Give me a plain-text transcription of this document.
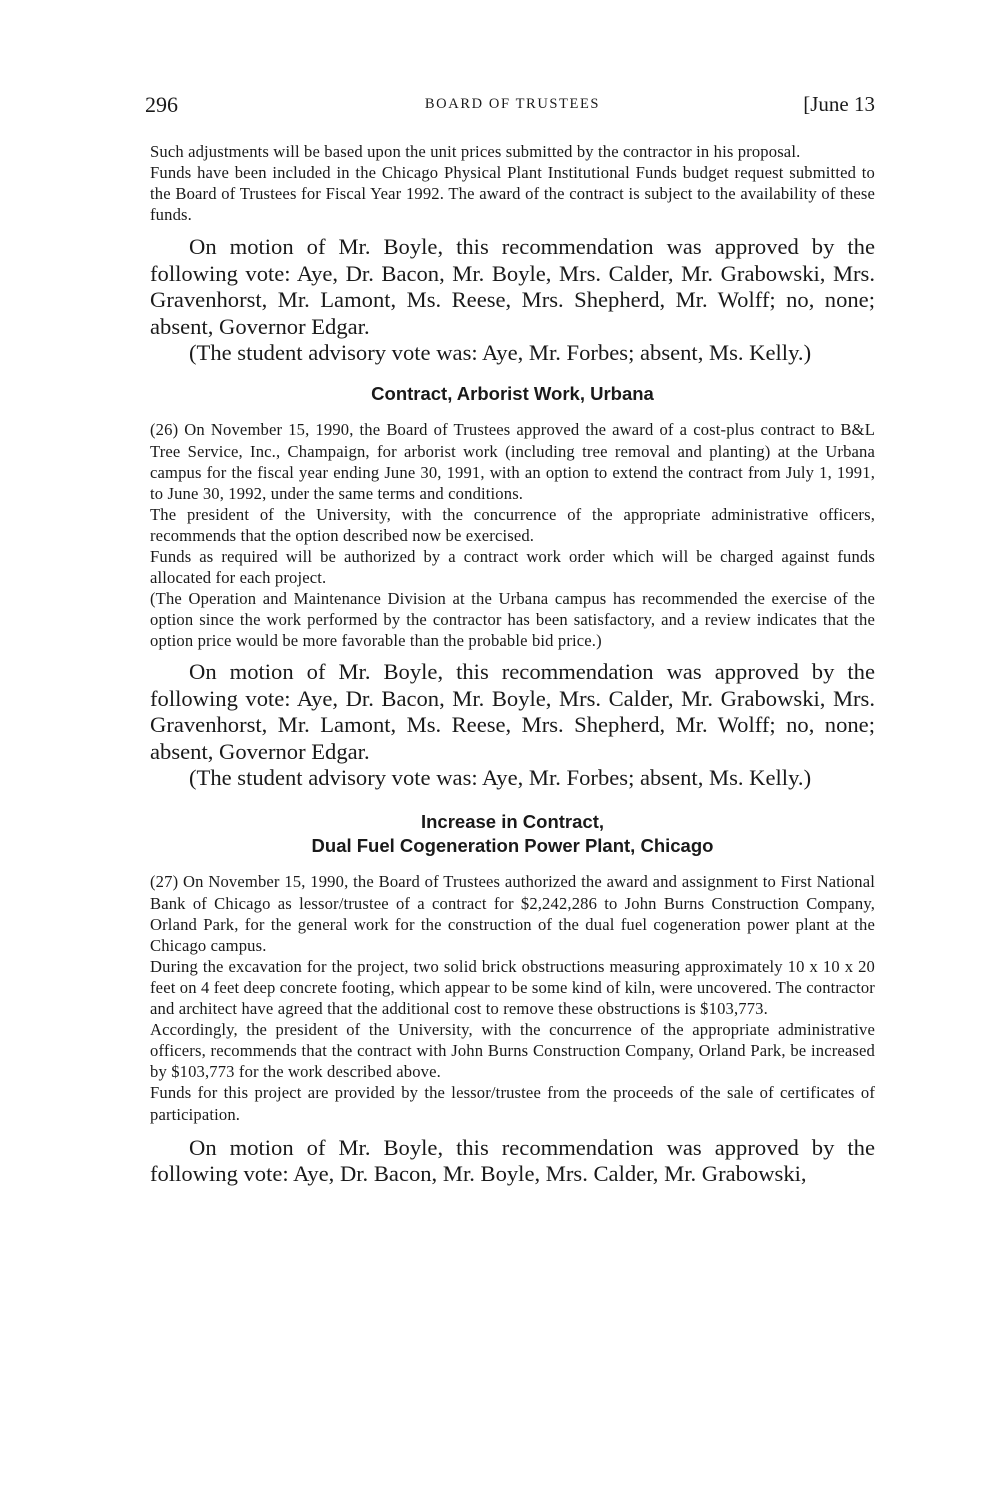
296	BOARD OF TRUSTEES	[June 13

Such adjustments will be based upon the unit prices submitted by the contractor in his proposal.

Funds have been included in the Chicago Physical Plant Institutional Funds budget request submitted to the Board of Trustees for Fiscal Year 1992. The award of the contract is subject to the availability of these funds.

On motion of Mr. Boyle, this recommendation was approved by the following vote: Aye, Dr. Bacon, Mr. Boyle, Mrs. Calder, Mr. Grabowski, Mrs. Gravenhorst, Mr. Lamont, Ms. Reese, Mrs. Shepherd, Mr. Wolff; no, none; absent, Governor Edgar.

(The student advisory vote was: Aye, Mr. Forbes; absent, Ms. Kelly.)

Contract, Arborist Work, Urbana

(26) On November 15, 1990, the Board of Trustees approved the award of a cost-plus contract to B&L Tree Service, Inc., Champaign, for arborist work (including tree removal and planting) at the Urbana campus for the fiscal year ending June 30, 1991, with an option to extend the contract from July 1, 1991, to June 30, 1992, under the same terms and conditions.

The president of the University, with the concurrence of the appropriate administrative officers, recommends that the option described now be exercised.

Funds as required will be authorized by a contract work order which will be charged against funds allocated for each project.

(The Operation and Maintenance Division at the Urbana campus has recommended the exercise of the option since the work performed by the contractor has been satisfactory, and a review indicates that the option price would be more favorable than the probable bid price.)

On motion of Mr. Boyle, this recommendation was approved by the following vote: Aye, Dr. Bacon, Mr. Boyle, Mrs. Calder, Mr. Grabowski, Mrs. Gravenhorst, Mr. Lamont, Ms. Reese, Mrs. Shepherd, Mr. Wolff; no, none; absent, Governor Edgar.

(The student advisory vote was: Aye, Mr. Forbes; absent, Ms. Kelly.)

Increase in Contract,
Dual Fuel Cogeneration Power Plant, Chicago

(27) On November 15, 1990, the Board of Trustees authorized the award and assignment to First National Bank of Chicago as lessor/trustee of a contract for $2,242,286 to John Burns Construction Company, Orland Park, for the general work for the construction of the dual fuel cogeneration power plant at the Chicago campus.

During the excavation for the project, two solid brick obstructions measuring approximately 10 x 10 x 20 feet on 4 feet deep concrete footing, which appear to be some kind of kiln, were uncovered. The contractor and architect have agreed that the additional cost to remove these obstructions is $103,773.

Accordingly, the president of the University, with the concurrence of the appropriate administrative officers, recommends that the contract with John Burns Construction Company, Orland Park, be increased by $103,773 for the work described above.

Funds for this project are provided by the lessor/trustee from the proceeds of the sale of certificates of participation.

On motion of Mr. Boyle, this recommendation was approved by the following vote: Aye, Dr. Bacon, Mr. Boyle, Mrs. Calder, Mr. Grabowski,
